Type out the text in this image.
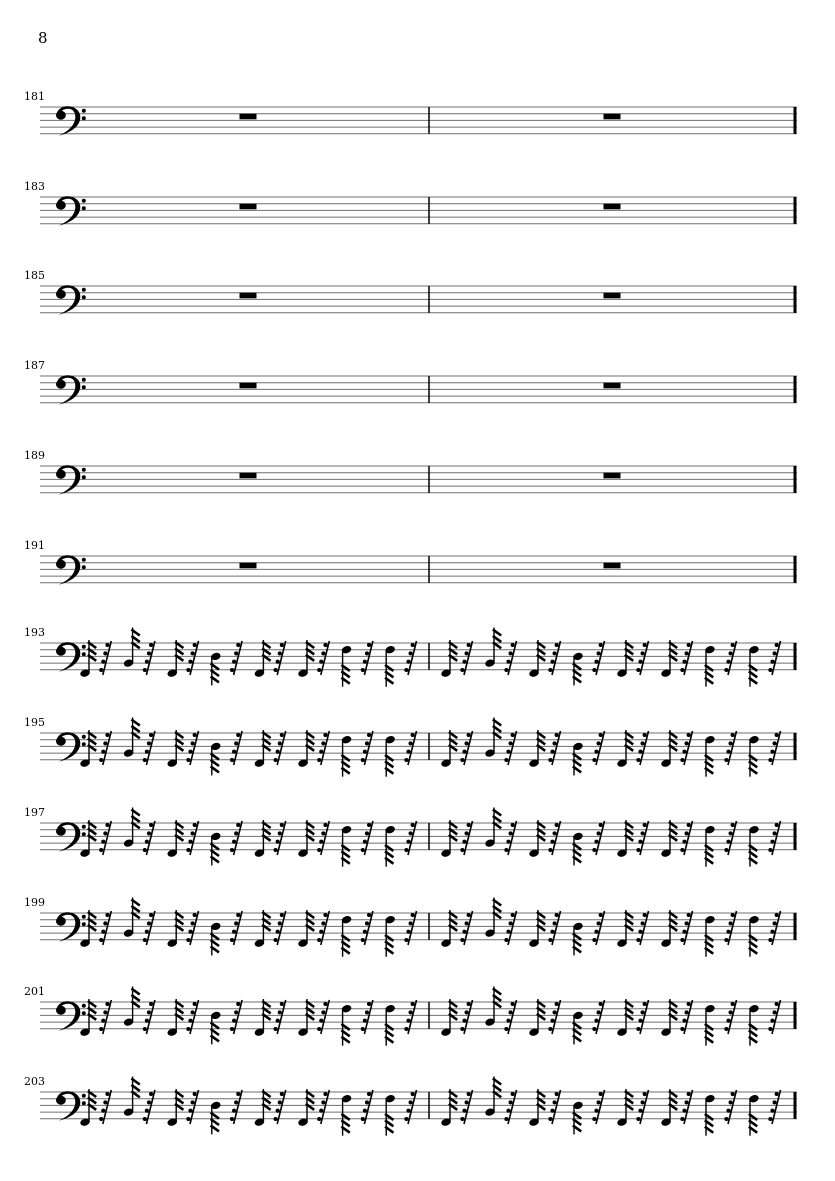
8
181
183
185
187
189
191
193
195
197
199
201
203
